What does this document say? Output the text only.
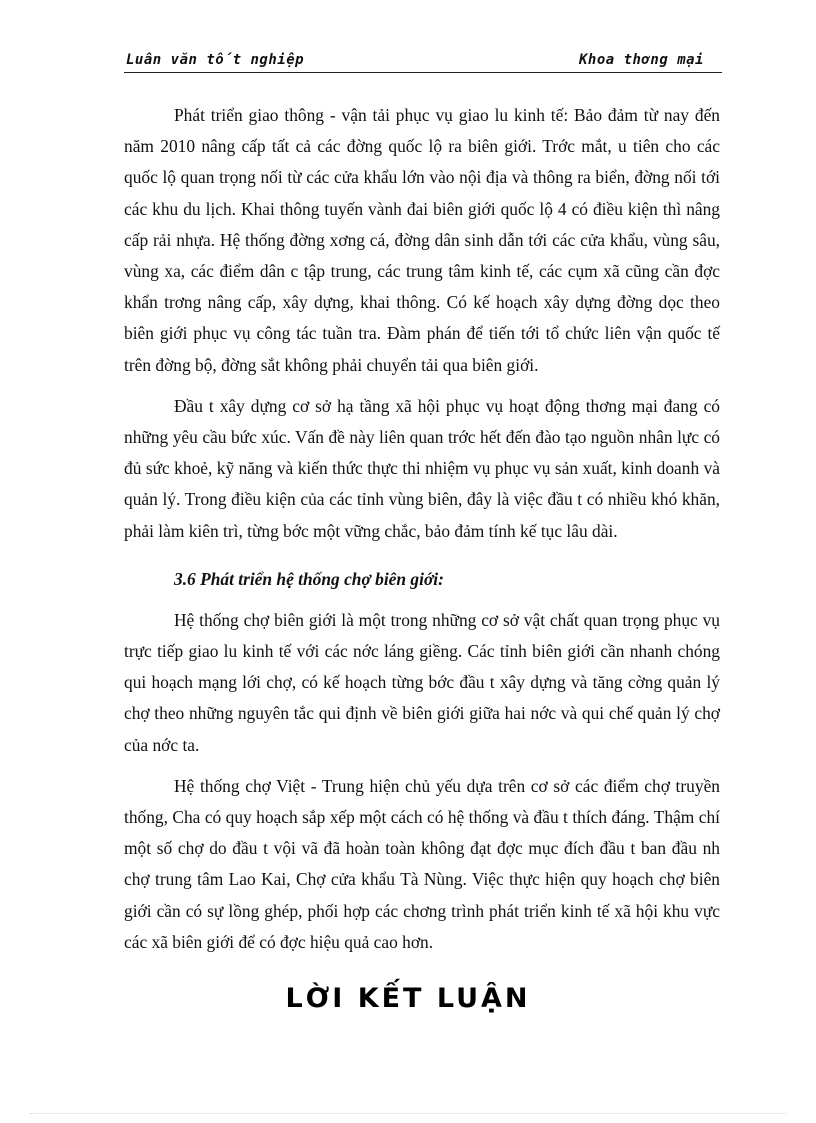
Luân văn tốt nghiệp	Khoa thơng mại

Phát triển giao thông - vận tải phục vụ giao lu kinh tế: Bảo đảm từ nay đến năm 2010 nâng cấp tất cả các đờng quốc lộ ra biên giới. Trớc mắt, u tiên cho các quốc lộ quan trọng nối từ các cửa khẩu lớn vào nội địa và thông ra biển, đờng nối tới các khu du lịch. Khai thông tuyến vành đai biên giới quốc lộ 4 có điều kiện thì nâng cấp rải nhựa. Hệ thống đờng xơng cá, đờng dân sinh dẫn tới các cửa khẩu, vùng sâu, vùng xa, các điểm dân c tập trung, các trung tâm kinh tế, các cụm xã cũng cần đợc khẩn trơng nâng cấp, xây dựng, khai thông. Có kế hoạch xây dựng đờng dọc theo biên giới phục vụ công tác tuần tra. Đàm phán để tiến tới tổ chức liên vận quốc tế trên đờng bộ, đờng sắt không phải chuyển tải qua biên giới.

Đầu t xây dựng cơ sở hạ tầng xã hội phục vụ hoạt động thơng mại đang có những yêu cầu bức xúc. Vấn đề này liên quan trớc hết đến đào tạo nguồn nhân lực có đủ sức khoẻ, kỹ năng và kiến thức thực thi nhiệm vụ phục vụ sản xuất, kinh doanh và quản lý. Trong điều kiện của các tỉnh vùng biên, đây là việc đầu t có nhiều khó khăn, phải làm kiên trì, từng bớc một vững chắc, bảo đảm tính kế tục lâu dài.

3.6 Phát triển hệ thống chợ biên giới:

Hệ thống chợ biên giới là một trong những cơ sở vật chất quan trọng phục vụ trực tiếp giao lu kinh tế với các nớc láng giềng. Các tỉnh biên giới cần nhanh chóng qui hoạch mạng lới chợ, có kế hoạch từng bớc đầu t xây dựng và tăng cờng quản lý chợ theo những nguyên tắc qui định về biên giới giữa hai nớc và qui chế quản lý chợ của nớc ta.

Hệ thống chợ Việt - Trung hiện chủ yếu dựa trên cơ sở các điểm chợ truyền thống, Cha có quy hoạch sắp xếp một cách có hệ thống và đầu t thích đáng. Thậm chí một số chợ do đầu t vội vã đã hoàn toàn không đạt đợc mục đích đầu t ban đầu nh chợ trung tâm Lao Kai, Chợ cửa khẩu Tà Nùng. Việc thực hiện quy hoạch chợ biên giới cần có sự lồng ghép, phối hợp các chơng trình phát triển kinh tế xã hội khu vực các xã biên giới để có đợc hiệu quả cao hơn.

LỜI KẾT LUẬN
